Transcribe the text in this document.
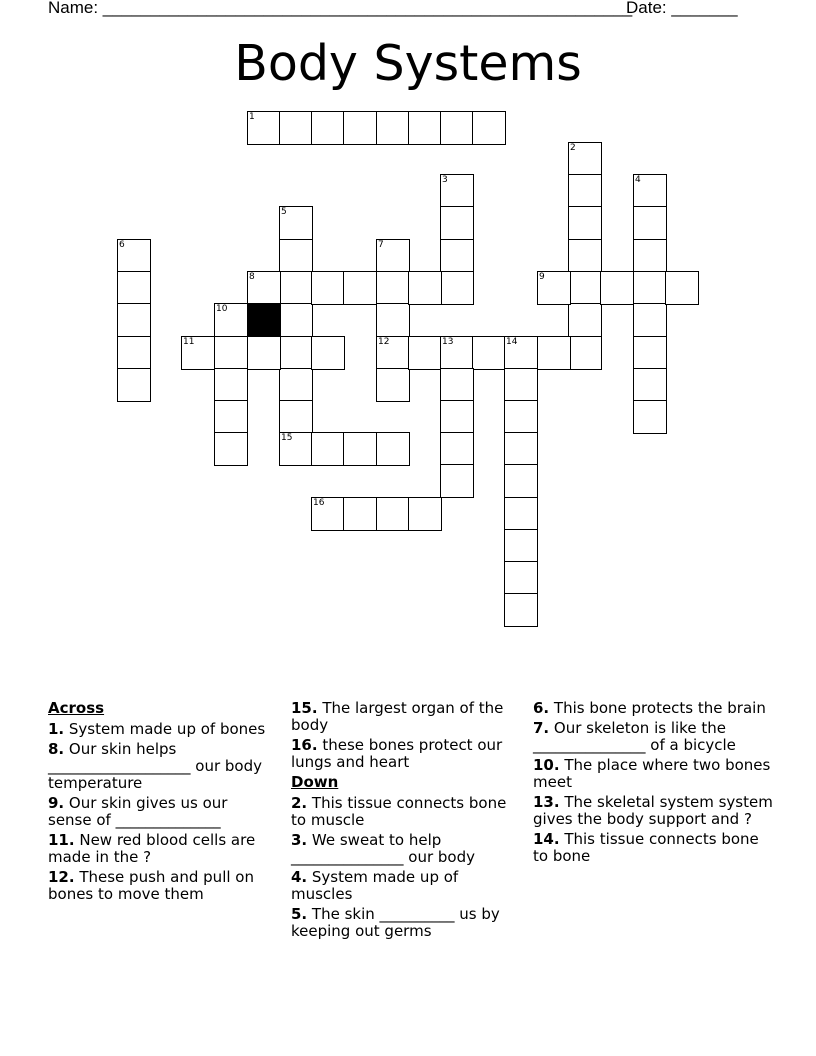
Name: ________________________________________________________
Date: _______
Body Systems
1
2
3	4
5
15
6	7
12
8	9
10
11	13	14
16
Across
1. System made up of bones
8. Our skin helps ___________________ our body temperature
9. Our skin gives us our sense of ______________
11. New red blood cells are made in the ?
12. These push and pull on bones to move them
15. The largest organ of the body
16. these bones protect our lungs and heart
Down
2. This tissue connects bone to muscle
3. We sweat to help _______________ our body
4. System made up of muscles
5. The skin __________ us by keeping out germs
6. This bone protects the brain
7. Our skeleton is like the _______________ of a bicycle
10. The place where two bones meet
13. The skeletal system system gives the body support and ?
14. This tissue connects bone to bone
